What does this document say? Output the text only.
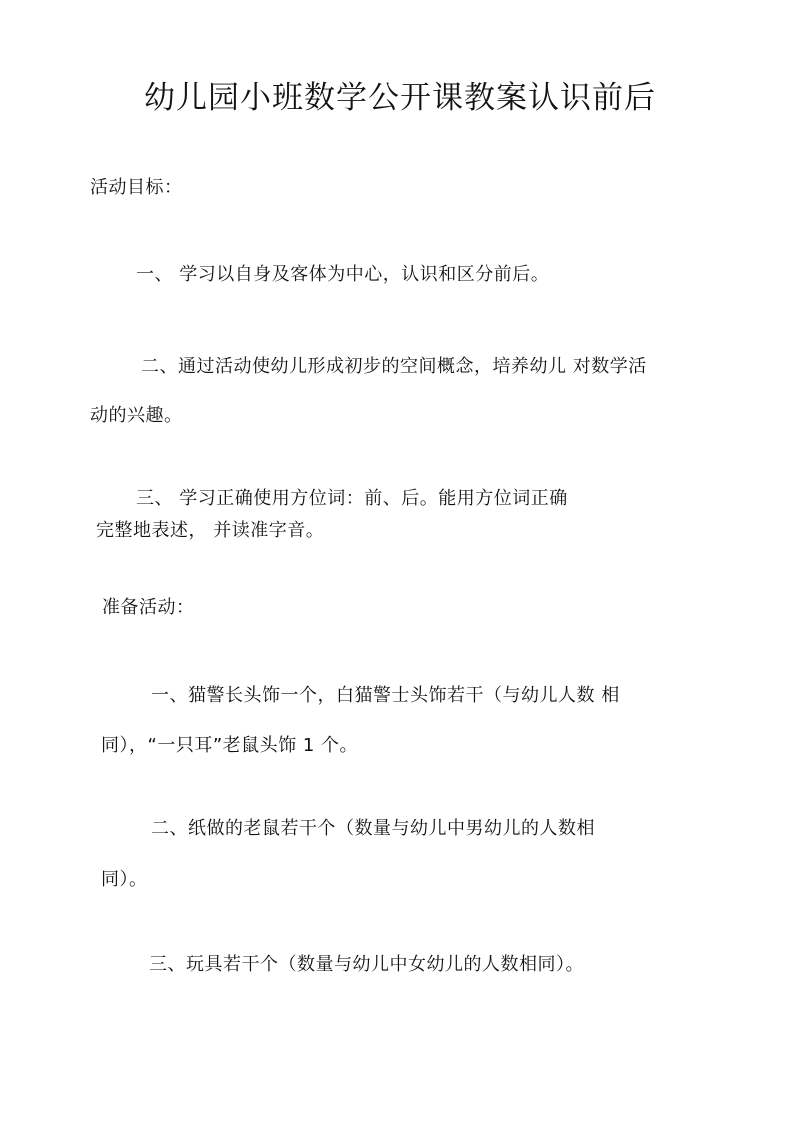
幼儿园小班数学公开课教案认识前后
活动目标：
一、 学习以自身及客体为中心，认识和区分前后。
二、通过活动使幼儿形成初步的空间概念，培养幼儿 对数学活
动的兴趣。
三、 学习正确使用方位词：前、后。能用方位词正确
完整地表述， 并读准字音。
准备活动：
一、猫警长头饰一个，白猫警士头饰若干（与幼儿人数 相
同），“一只耳”老鼠头饰 1 个。
二、纸做的老鼠若干个（数量与幼儿中男幼儿的人数相
同）。
三、玩具若干个（数量与幼儿中女幼儿的人数相同）。
